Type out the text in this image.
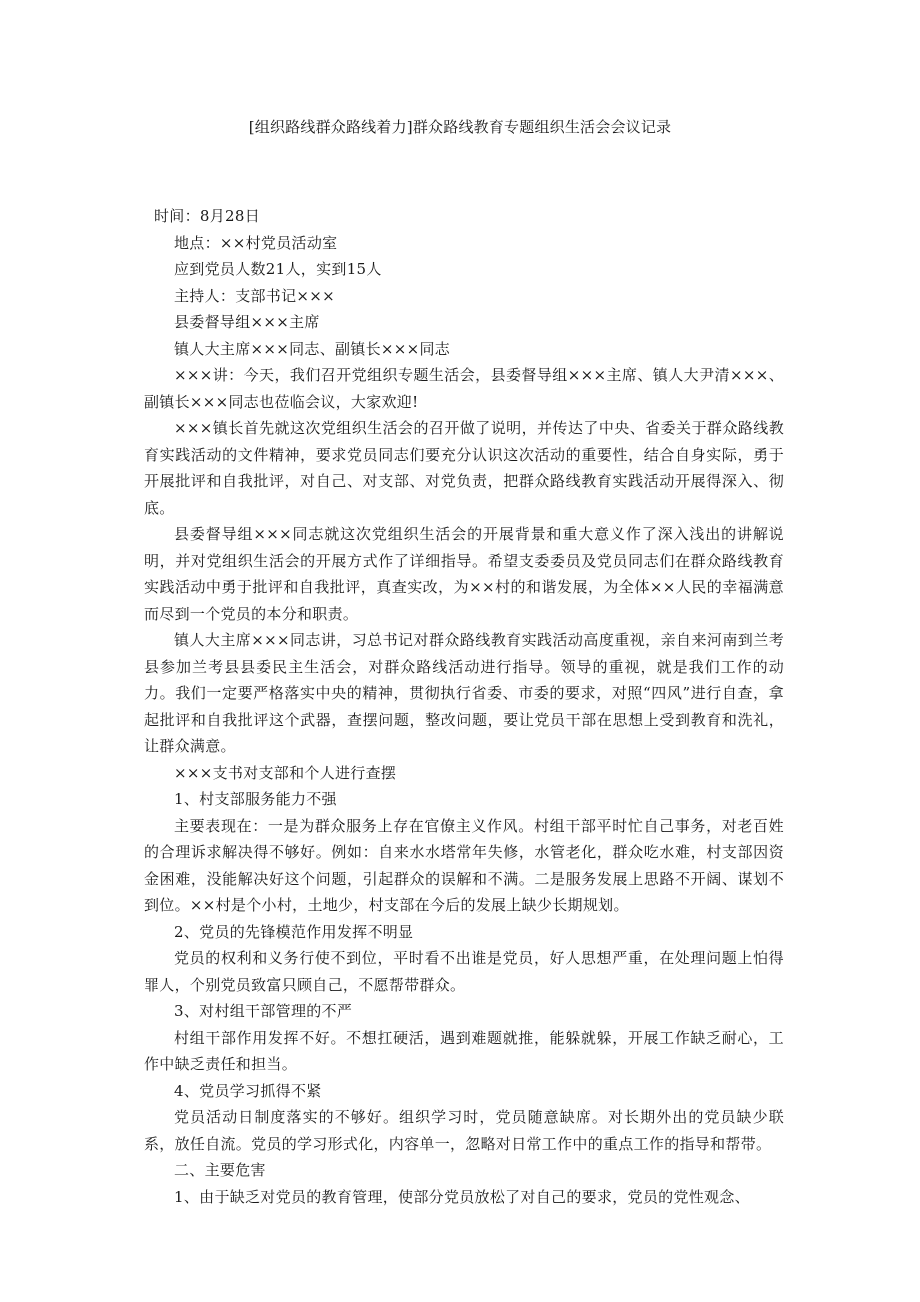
[组织路线群众路线着力]群众路线教育专题组织生活会会议记录

时间：8月28日

地点：××村党员活动室

应到党员人数21人，实到15人

主持人：支部书记×××

县委督导组×××主席

镇人大主席×××同志、副镇长×××同志

×××讲：今天，我们召开党组织专题生活会，县委督导组×××主席、镇人大尹清×××、副镇长×××同志也莅临会议，大家欢迎!

×××镇长首先就这次党组织生活会的召开做了说明，并传达了中央、省委关于群众路线教育实践活动的文件精神，要求党员同志们要充分认识这次活动的重要性，结合自身实际，勇于开展批评和自我批评，对自己、对支部、对党负责，把群众路线教育实践活动开展得深入、彻底。

县委督导组×××同志就这次党组织生活会的开展背景和重大意义作了深入浅出的讲解说明，并对党组织生活会的开展方式作了详细指导。希望支委委员及党员同志们在群众路线教育实践活动中勇于批评和自我批评，真查实改，为××村的和谐发展，为全体××人民的幸福满意而尽到一个党员的本分和职责。

镇人大主席×××同志讲，习总书记对群众路线教育实践活动高度重视，亲自来河南到兰考县参加兰考县县委民主生活会，对群众路线活动进行指导。领导的重视，就是我们工作的动力。我们一定要严格落实中央的精神，贯彻执行省委、市委的要求，对照“四风”进行自查，拿起批评和自我批评这个武器，查摆问题，整改问题，要让党员干部在思想上受到教育和洗礼，让群众满意。

×××支书对支部和个人进行查摆

1、村支部服务能力不强

主要表现在：一是为群众服务上存在官僚主义作风。村组干部平时忙自己事务，对老百姓的合理诉求解决得不够好。例如：自来水水塔常年失修，水管老化，群众吃水难，村支部因资金困难，没能解决好这个问题，引起群众的误解和不满。二是服务发展上思路不开阔、谋划不到位。××村是个小村，土地少，村支部在今后的发展上缺少长期规划。

2、党员的先锋模范作用发挥不明显

党员的权利和义务行使不到位，平时看不出谁是党员，好人思想严重，在处理问题上怕得罪人，个别党员致富只顾自己，不愿帮带群众。

3、对村组干部管理的不严

村组干部作用发挥不好。不想扛硬活，遇到难题就推，能躲就躲，开展工作缺乏耐心，工作中缺乏责任和担当。

4、党员学习抓得不紧

党员活动日制度落实的不够好。组织学习时，党员随意缺席。对长期外出的党员缺少联系，放任自流。党员的学习形式化，内容单一，忽略对日常工作中的重点工作的指导和帮带。

二、主要危害

1、由于缺乏对党员的教育管理，使部分党员放松了对自己的要求，党员的党性观念、
